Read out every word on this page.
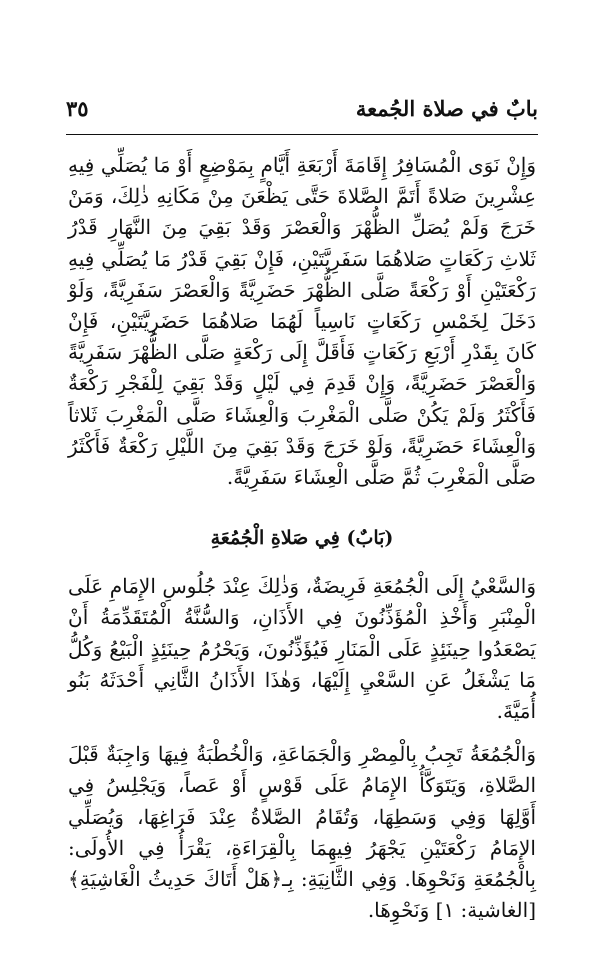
بابٌ في صلاة الجُمعة
٣٥

وَإِنْ نَوَى الْمُسَافِرُ إِقَامَةَ أَرْبَعَةِ أَيَّامٍ بِمَوْضِعٍ أَوْ مَا يُصَلِّي فِيهِ عِشْرِينَ صَلاةً أَتَمَّ الصَّلاةَ حَتَّى يَظْعَنَ مِنْ مَكَانِهِ ذٰلِكَ، وَمَنْ خَرَجَ وَلَمْ يُصَلِّ الظُّهْرَ وَالْعَصْرَ وَقَدْ بَقِيَ مِنَ النَّهَارِ قَدْرُ ثَلاثِ رَكَعَاتٍ صَلاهُمَا سَفَرِيَّتَيْنِ، فَإِنْ بَقِيَ قَدْرُ مَا يُصَلِّي فِيهِ رَكْعَتَيْنِ أَوْ رَكْعَةً صَلَّى الظُّهْرَ حَضَرِيَّةً وَالْعَصْرَ سَفَرِيَّةً، وَلَوْ دَخَلَ لِخَمْسِ رَكَعَاتٍ نَاسِياً لَهُمَا صَلاهُمَا حَضَرِيَّتَيْنِ، فَإِنْ كَانَ بِقَدْرِ أَرْبَعِ رَكَعَاتٍ فَأَقَلَّ إِلَى رَكْعَةٍ صَلَّى الظُّهْرَ سَفَرِيَّةً وَالْعَصْرَ حَضَرِيَّةً، وَإِنْ قَدِمَ فِي لَيْلٍ وَقَدْ بَقِيَ لِلْفَجْرِ رَكْعَةٌ فَأَكْثَرُ وَلَمْ يَكُنْ صَلَّى الْمَغْرِبَ وَالْعِشَاءَ صَلَّى الْمَغْرِبَ ثَلاثاً وَالْعِشَاءَ حَضَرِيَّةً، وَلَوْ خَرَجَ وَقَدْ بَقِيَ مِنَ اللَّيْلِ رَكْعَةٌ فَأَكْثَرُ صَلَّى الْمَغْرِبَ ثُمَّ صَلَّى الْعِشَاءَ سَفَرِيَّةً.

(بَابٌ) فِي صَلاةِ الْجُمُعَةِ

وَالسَّعْيُ إِلَى الْجُمُعَةِ فَرِيضَةٌ، وَذٰلِكَ عِنْدَ جُلُوسِ الإِمَامِ عَلَى الْمِنْبَرِ وَأَخْذِ الْمُؤَذِّنُونَ فِي الأَذَانِ، وَالسُّنَّةُ الْمُتَقَدِّمَةُ أَنْ يَصْعَدُوا حِينَئِذٍ عَلَى الْمَنَارِ فَيُؤَذِّنُونَ، وَيَحْرُمُ حِينَئِذٍ الْبَيْعُ وَكُلُّ مَا يَشْغَلُ عَنِ السَّعْيِ إِلَيْهَا، وَهٰذَا الأَذَانُ الثَّانِي أَحْدَثَهُ بَنُو أُمَيَّةَ.

وَالْجُمُعَةُ تَجِبُ بِالْمِصْرِ وَالْجَمَاعَةِ، وَالْخُطْبَةُ فِيهَا وَاجِبَةٌ قَبْلَ الصَّلاةِ، وَيَتَوَكَّأُ الإِمَامُ عَلَى قَوْسٍ أَوْ عَصاً، وَيَجْلِسُ فِي أَوَّلِهَا وَفِي وَسَطِهَا، وَتُقَامُ الصَّلاةُ عِنْدَ فَرَاغِهَا، وَيُصَلِّي الإِمَامُ رَكْعَتَيْنِ يَجْهَرُ فِيهِمَا بِالْقِرَاءَةِ، يَقْرَأُ فِي الأُولَى: بِالْجُمُعَةِ وَنَحْوِهَا. وَفِي الثَّانِيَةِ: بِـ﴿هَلْ أَتَاكَ حَدِيثُ الْغَاشِيَةِ﴾ [الغاشية: ١] وَنَحْوِهَا.
